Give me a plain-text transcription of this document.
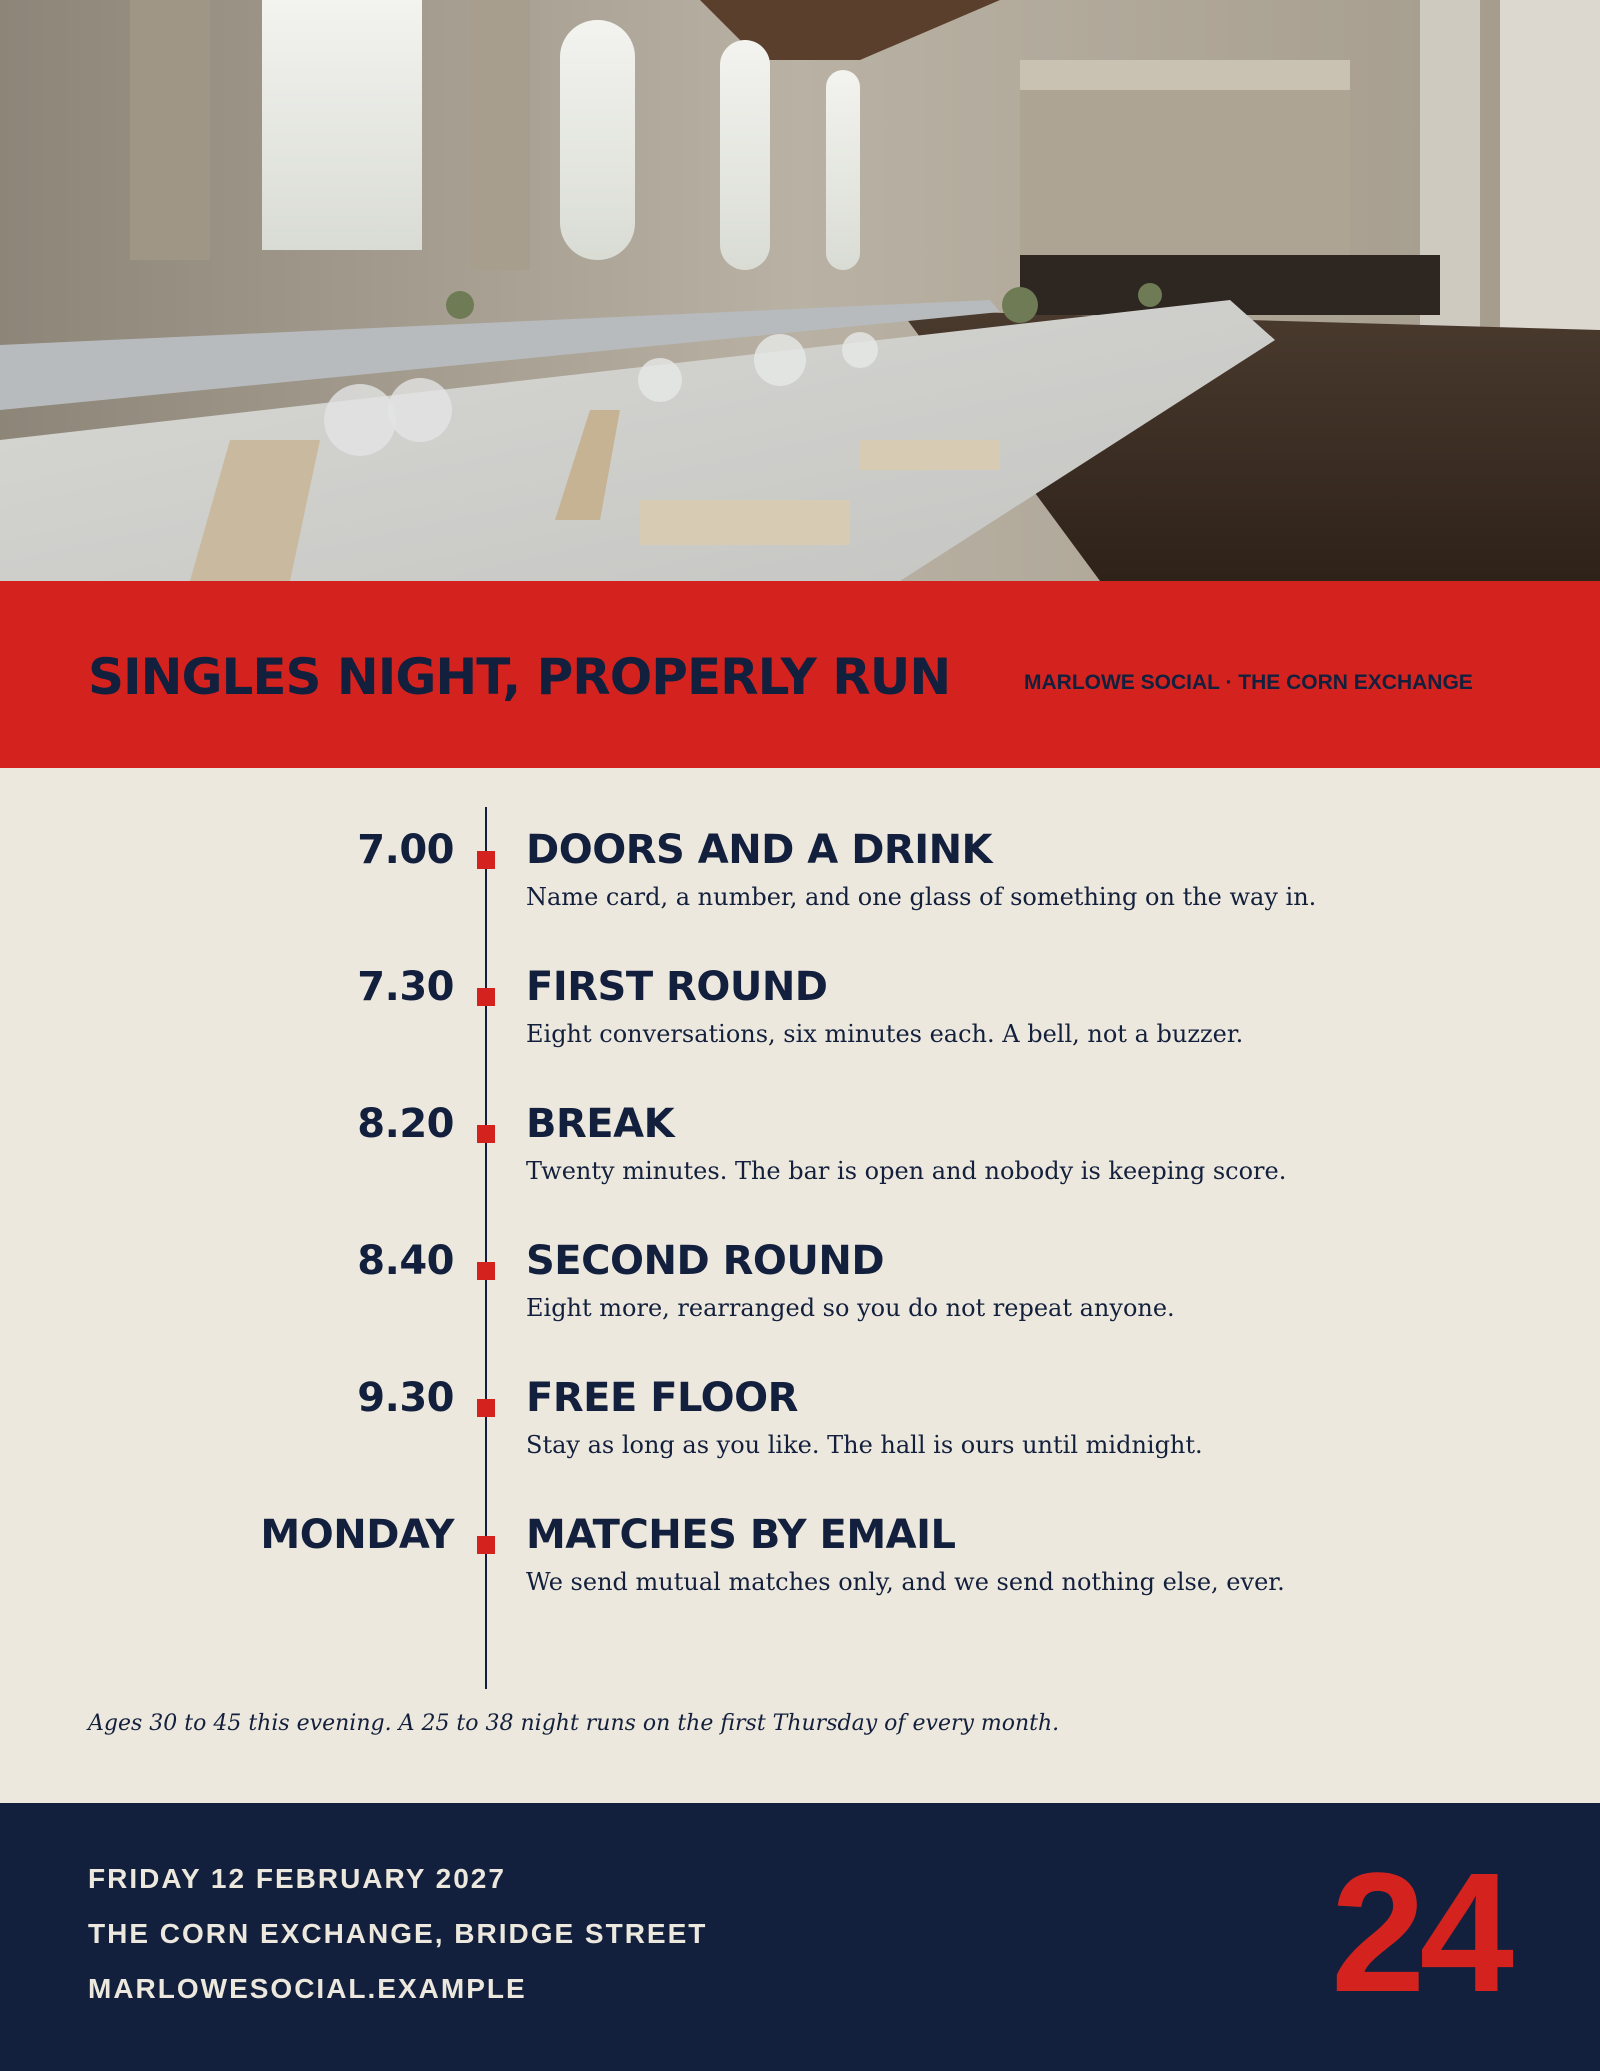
SINGLES NIGHT, PROPERLY RUN	MARLOWE SOCIAL · THE CORN EXCHANGE
7.00 DOORS AND A DRINK
Name card, a number, and one glass of something on the way in.
7.30 FIRST ROUND
Eight conversations, six minutes each. A bell, not a buzzer.
8.20 BREAK
Twenty minutes. The bar is open and nobody is keeping score.
8.40 SECOND ROUND
Eight more, rearranged so you do not repeat anyone.
9.30 FREE FLOOR
Stay as long as you like. The hall is ours until midnight.
MONDAY MATCHES BY EMAIL
We send mutual matches only, and we send nothing else, ever.
Ages 30 to 45 this evening. A 25 to 38 night runs on the first Thursday of every month.
FRIDAY 12 FEBRUARY 2027
THE CORN EXCHANGE, BRIDGE STREET
MARLOWESOCIAL.EXAMPLE	24
